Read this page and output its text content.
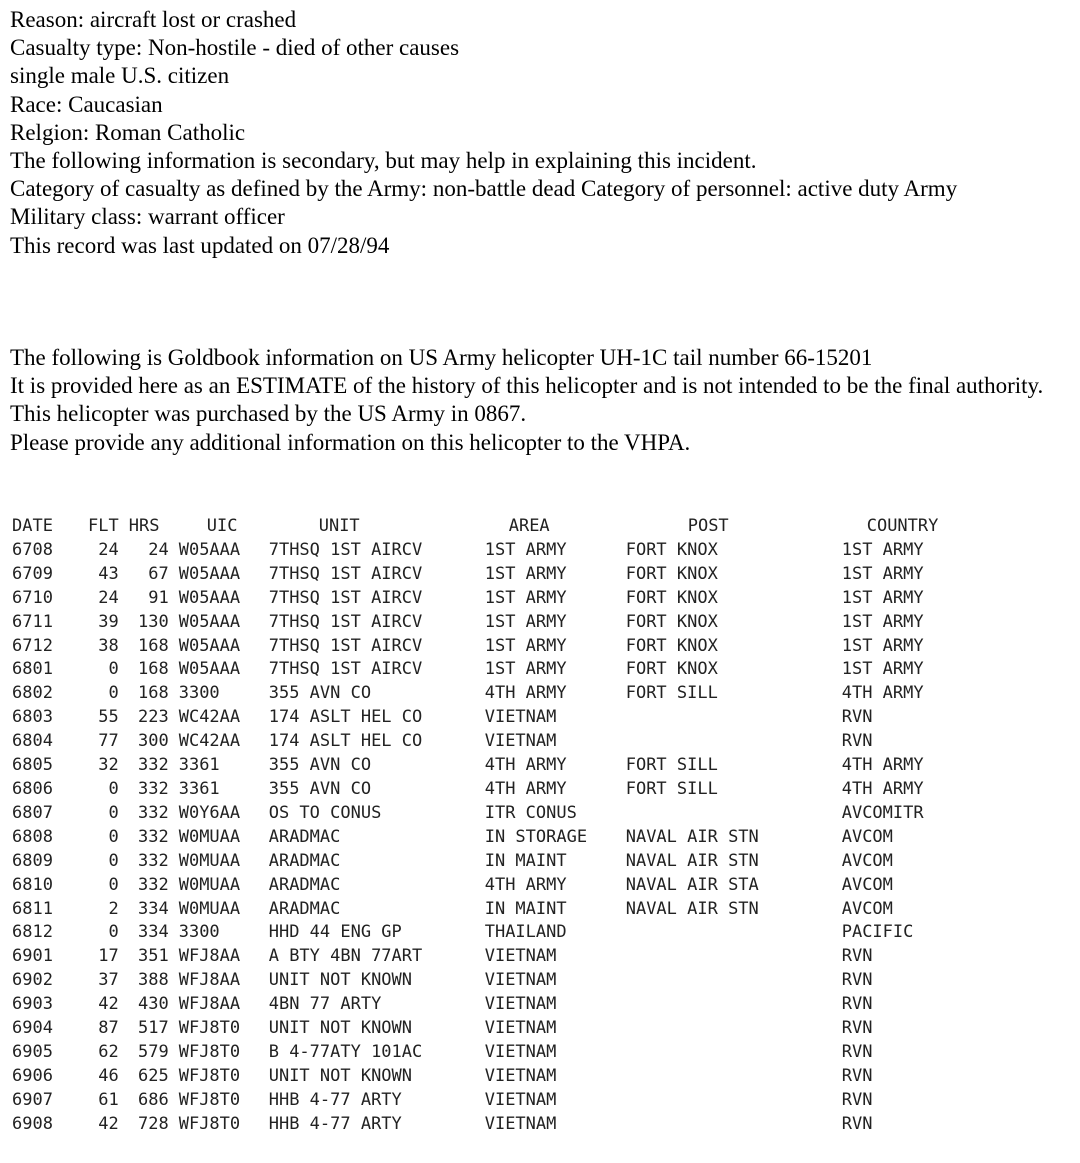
Reason: aircraft lost or crashed
Casualty type: Non-hostile - died of other causes
single male U.S. citizen
Race: Caucasian
Relgion: Roman Catholic
The following information is secondary, but may help in explaining this incident.
Category of casualty as defined by the Army: non-battle dead Category of personnel: active duty Army
Military class: warrant officer
This record was last updated on 07/28/94
The following is Goldbook information on US Army helicopter UH-1C tail number 66-15201
It is provided here as an ESTIMATE of the history of this helicopter and is not intended to be the final authority.
This helicopter was purchased by the US Army in 0867.
Please provide any additional information on this helicopter to the VHPA.
DATE	FLT	HRS	UIC	UNIT	AREA	POST	COUNTRY
6708	24	24	W05AAA	7THSQ 1ST AIRCV	1ST ARMY	FORT KNOX	1ST ARMY
6709	43	67	W05AAA	7THSQ 1ST AIRCV	1ST ARMY	FORT KNOX	1ST ARMY
6710	24	91	W05AAA	7THSQ 1ST AIRCV	1ST ARMY	FORT KNOX	1ST ARMY
6711	39	130	W05AAA	7THSQ 1ST AIRCV	1ST ARMY	FORT KNOX	1ST ARMY
6712	38	168	W05AAA	7THSQ 1ST AIRCV	1ST ARMY	FORT KNOX	1ST ARMY
6801	0	168	W05AAA	7THSQ 1ST AIRCV	1ST ARMY	FORT KNOX	1ST ARMY
6802	0	168	3300	355 AVN CO	4TH ARMY	FORT SILL	4TH ARMY
6803	55	223	WC42AA	174 ASLT HEL CO	VIETNAM		RVN
6804	77	300	WC42AA	174 ASLT HEL CO	VIETNAM		RVN
6805	32	332	3361	355 AVN CO	4TH ARMY	FORT SILL	4TH ARMY
6806	0	332	3361	355 AVN CO	4TH ARMY	FORT SILL	4TH ARMY
6807	0	332	W0Y6AA	OS TO CONUS	ITR CONUS		AVCOMITR
6808	0	332	W0MUAA	ARADMAC	IN STORAGE	NAVAL AIR STN	AVCOM
6809	0	332	W0MUAA	ARADMAC	IN MAINT	NAVAL AIR STN	AVCOM
6810	0	332	W0MUAA	ARADMAC	4TH ARMY	NAVAL AIR STA	AVCOM
6811	2	334	W0MUAA	ARADMAC	IN MAINT	NAVAL AIR STN	AVCOM
6812	0	334	3300	HHD 44 ENG GP	THAILAND		PACIFIC
6901	17	351	WFJ8AA	A BTY 4BN 77ART	VIETNAM		RVN
6902	37	388	WFJ8AA	UNIT NOT KNOWN	VIETNAM		RVN
6903	42	430	WFJ8AA	4BN 77 ARTY	VIETNAM		RVN
6904	87	517	WFJ8T0	UNIT NOT KNOWN	VIETNAM		RVN
6905	62	579	WFJ8T0	B 4-77ATY 101AC	VIETNAM		RVN
6906	46	625	WFJ8T0	UNIT NOT KNOWN	VIETNAM		RVN
6907	61	686	WFJ8T0	HHB 4-77 ARTY	VIETNAM		RVN
6908	42	728	WFJ8T0	HHB 4-77 ARTY	VIETNAM		RVN
